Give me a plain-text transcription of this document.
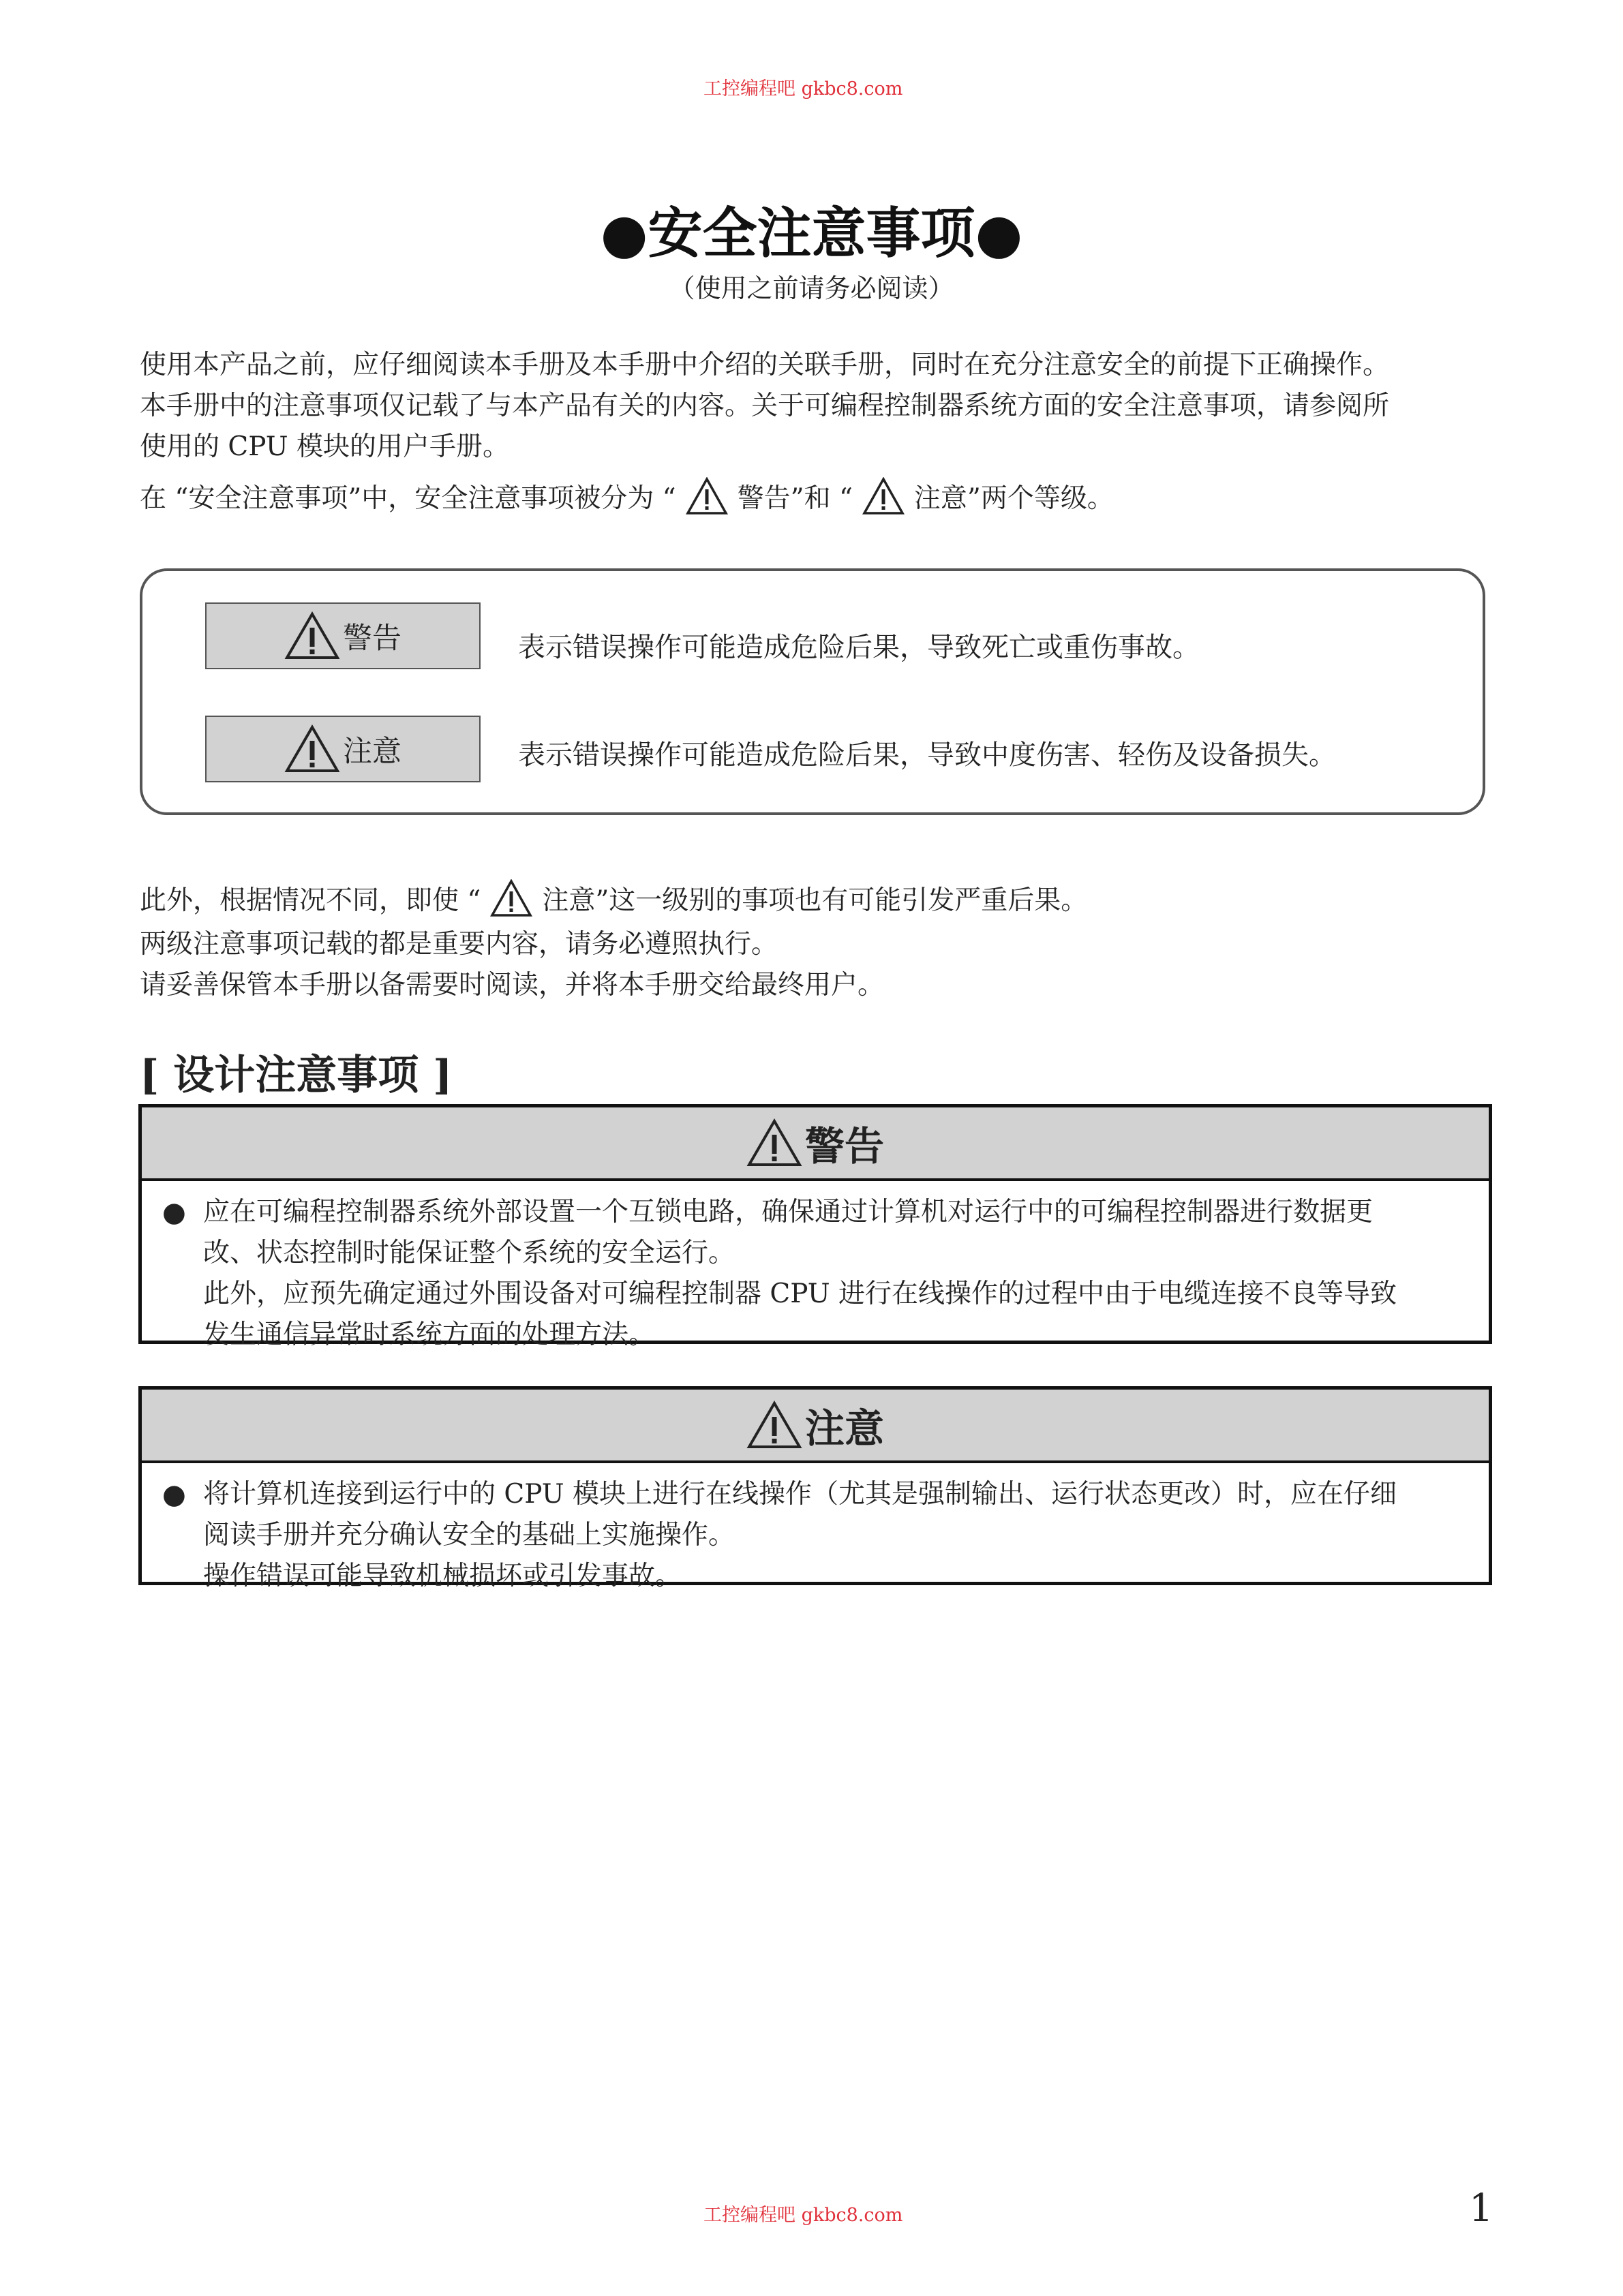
工控编程吧 gkbc8.com
●安全注意事项●
（使用之前请务必阅读）
使用本产品之前，应仔细阅读本手册及本手册中介绍的关联手册，同时在充分注意安全的前提下正确操作。
本手册中的注意事项仅记载了与本产品有关的内容。关于可编程控制器系统方面的安全注意事项，请参阅所
使用的 CPU 模块的用户手册。
在 “安全注意事项”中，安全注意事项被分为 “ 警告”和 “ 注意”两个等级。
警告	表示错误操作可能造成危险后果，导致死亡或重伤事故。
注意	表示错误操作可能造成危险后果，导致中度伤害、轻伤及设备损失。
此外，根据情况不同，即使 “ 注意”这一级别的事项也有可能引发严重后果。
两级注意事项记载的都是重要内容，请务必遵照执行。
请妥善保管本手册以备需要时阅读，并将本手册交给最终用户。
[ 设计注意事项 ]
警告
● 应在可编程控制器系统外部设置一个互锁电路，确保通过计算机对运行中的可编程控制器进行数据更

改、状态控制时能保证整个系统的安全运行。

此外，应预先确定通过外围设备对可编程控制器 CPU 进行在线操作的过程中由于电缆连接不良等导致

发生通信异常时系统方面的处理方法。

注意
● 将计算机连接到运行中的 CPU 模块上进行在线操作（尤其是强制输出、运行状态更改）时，应在仔细

阅读手册并充分确认安全的基础上实施操作。

操作错误可能导致机械损坏或引发事故。

工控编程吧 gkbc8.com	1
